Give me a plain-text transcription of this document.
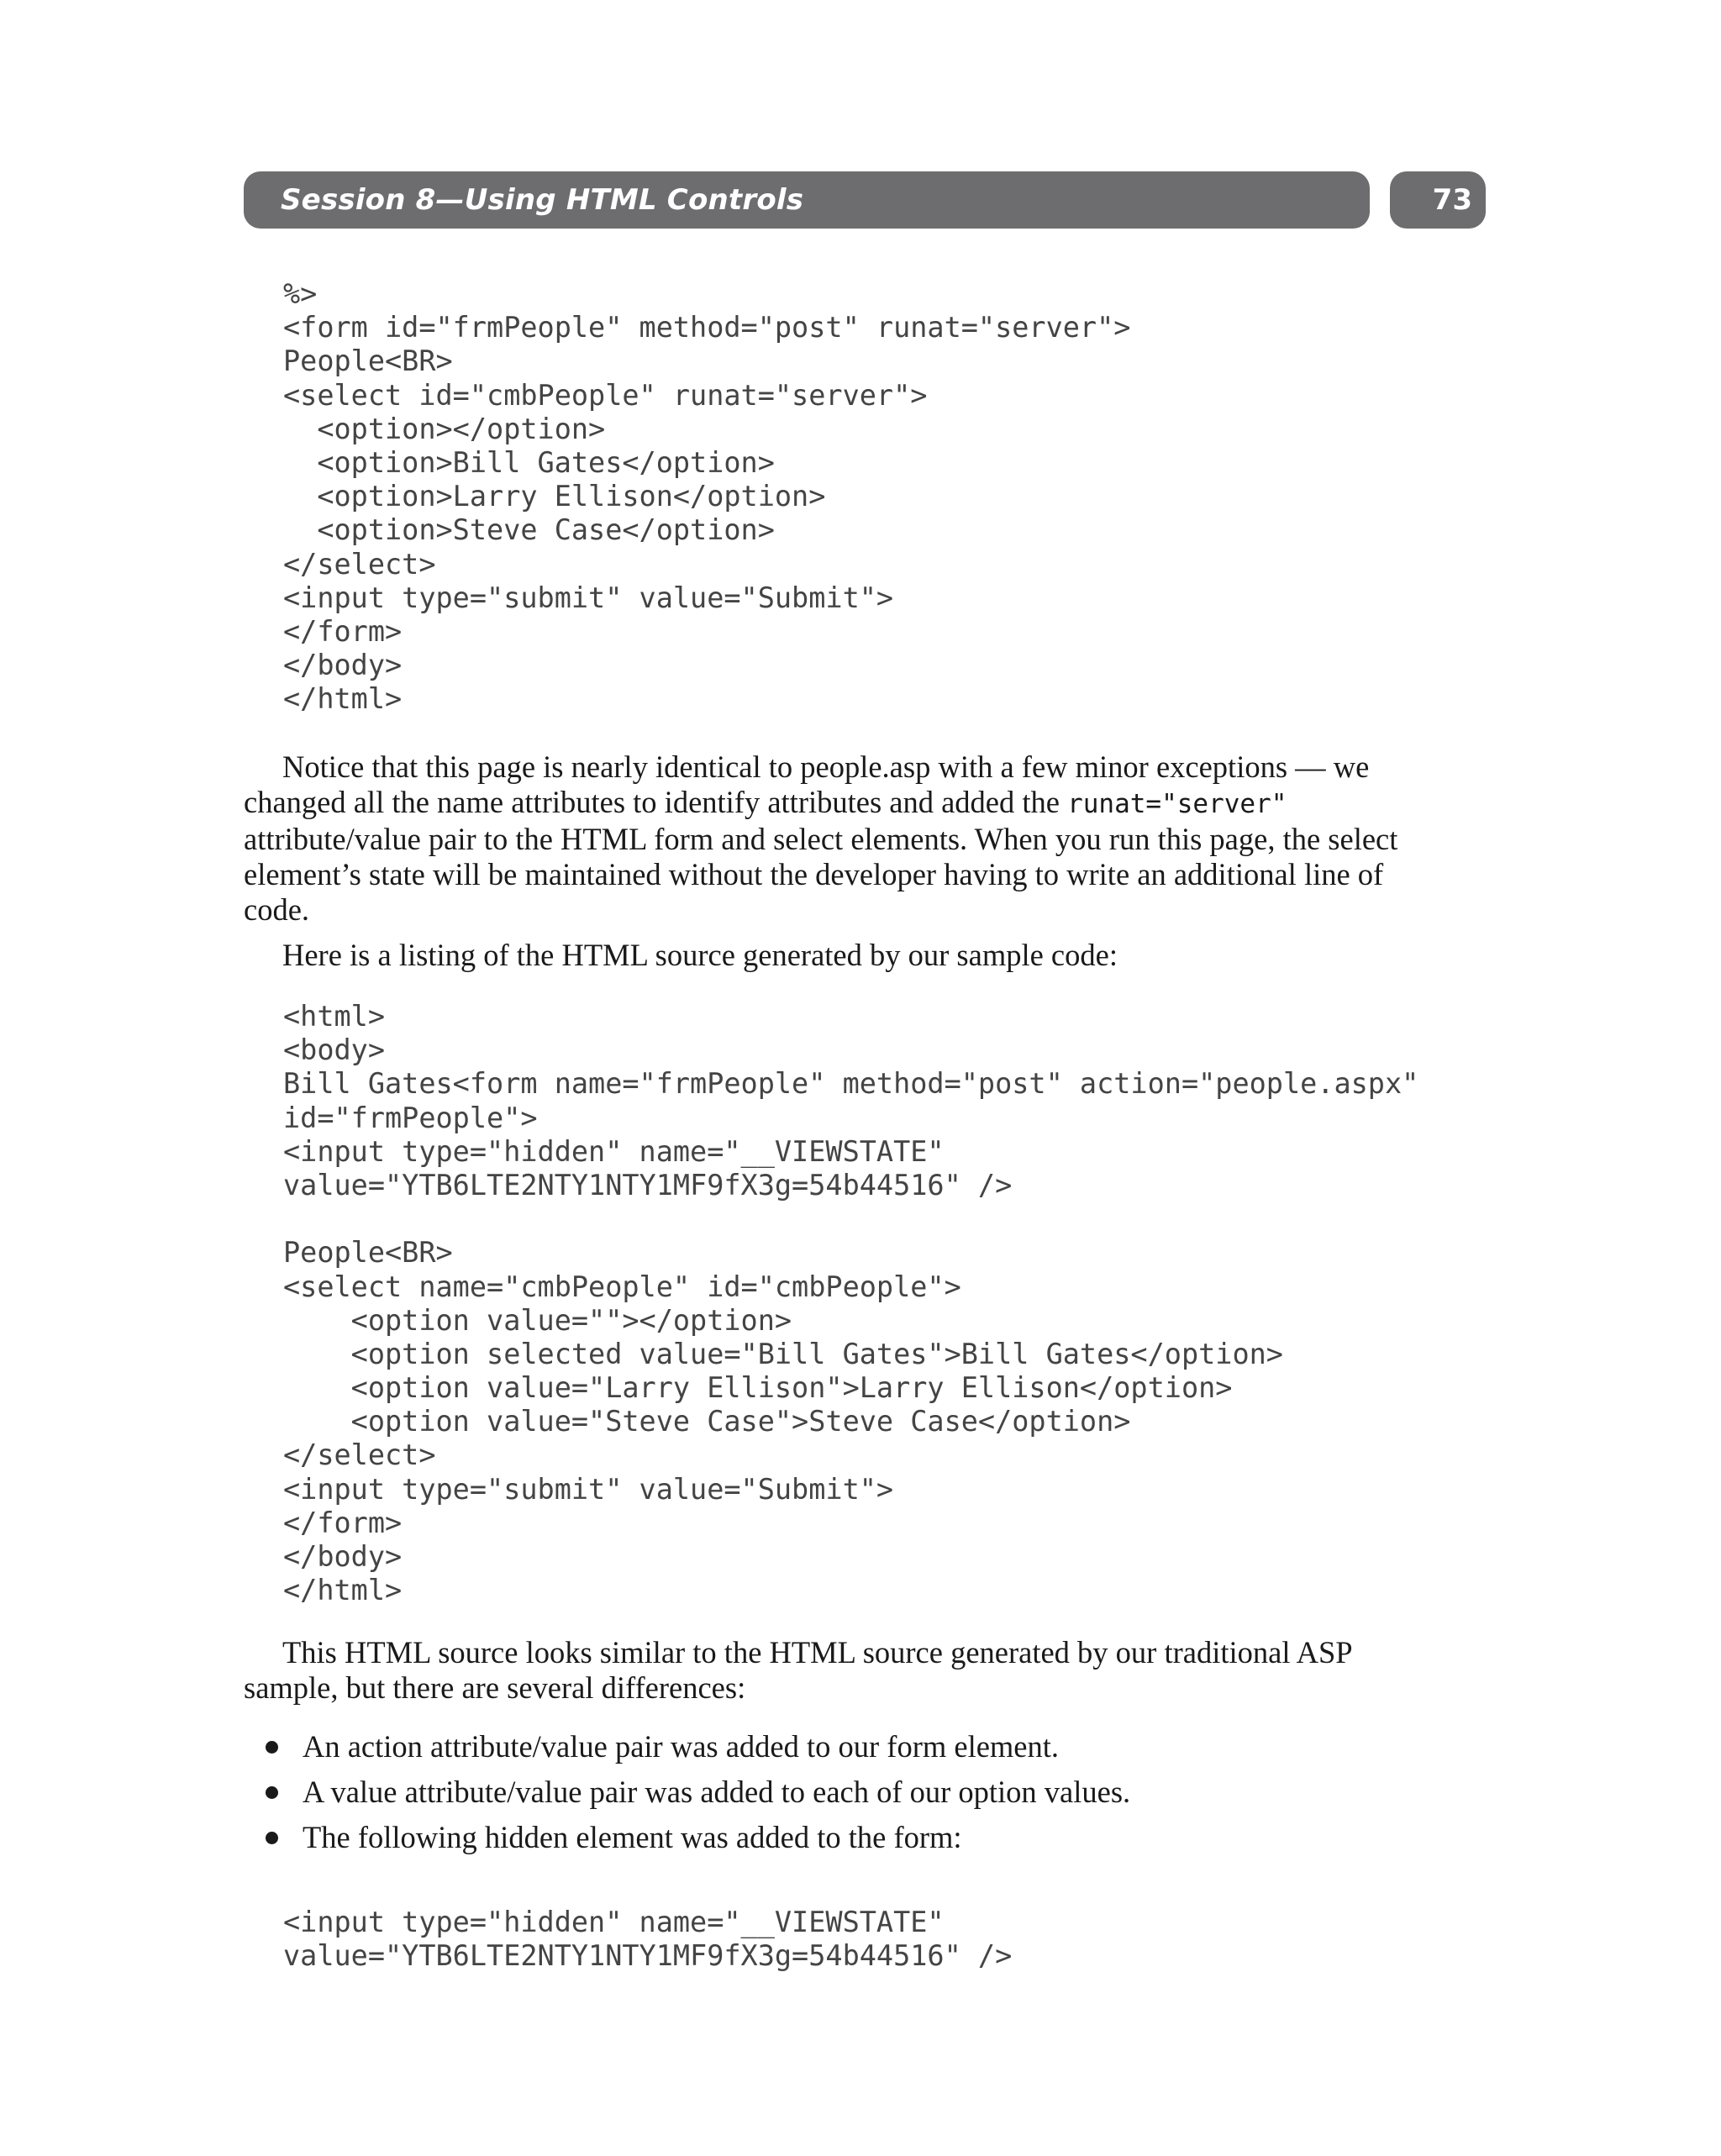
Session 8—Using HTML Controls	73
%>
<form id="frmPeople" method="post" runat="server">
People<BR>
<select id="cmbPeople" runat="server">
<option></option>
<option>Bill Gates</option>
<option>Larry Ellison</option>
<option>Steve Case</option>
</select>
<input type="submit" value="Submit">
</form>
</body>
</html>

Notice that this page is nearly identical to people.asp with a few minor exceptions — we changed all the name attributes to identify attributes and added the runat="server" attribute/value pair to the HTML form and select elements. When you run this page, the select element’s state will be maintained without the developer having to write an additional line of code.

Here is a listing of the HTML source generated by our sample code:

<html>
<body>
Bill Gates<form name="frmPeople" method="post" action="people.aspx"
id="frmPeople">
<input type="hidden" name="__VIEWSTATE"
value="YTB6LTE2NTY1NTY1MF9fX3g=54b44516" />
People<BR>
<select name="cmbPeople" id="cmbPeople">
<option value=""></option>
<option selected value="Bill Gates">Bill Gates</option>
<option value="Larry Ellison">Larry Ellison</option>
<option value="Steve Case">Steve Case</option>
</select>
<input type="submit" value="Submit">
</form>
</body>
</html>

This HTML source looks similar to the HTML source generated by our traditional ASP sample, but there are several differences:

An action attribute/value pair was added to our form element.
A value attribute/value pair was added to each of our option values.
The following hidden element was added to the form:
<input type="hidden" name="__VIEWSTATE"
value="YTB6LTE2NTY1NTY1MF9fX3g=54b44516" />
